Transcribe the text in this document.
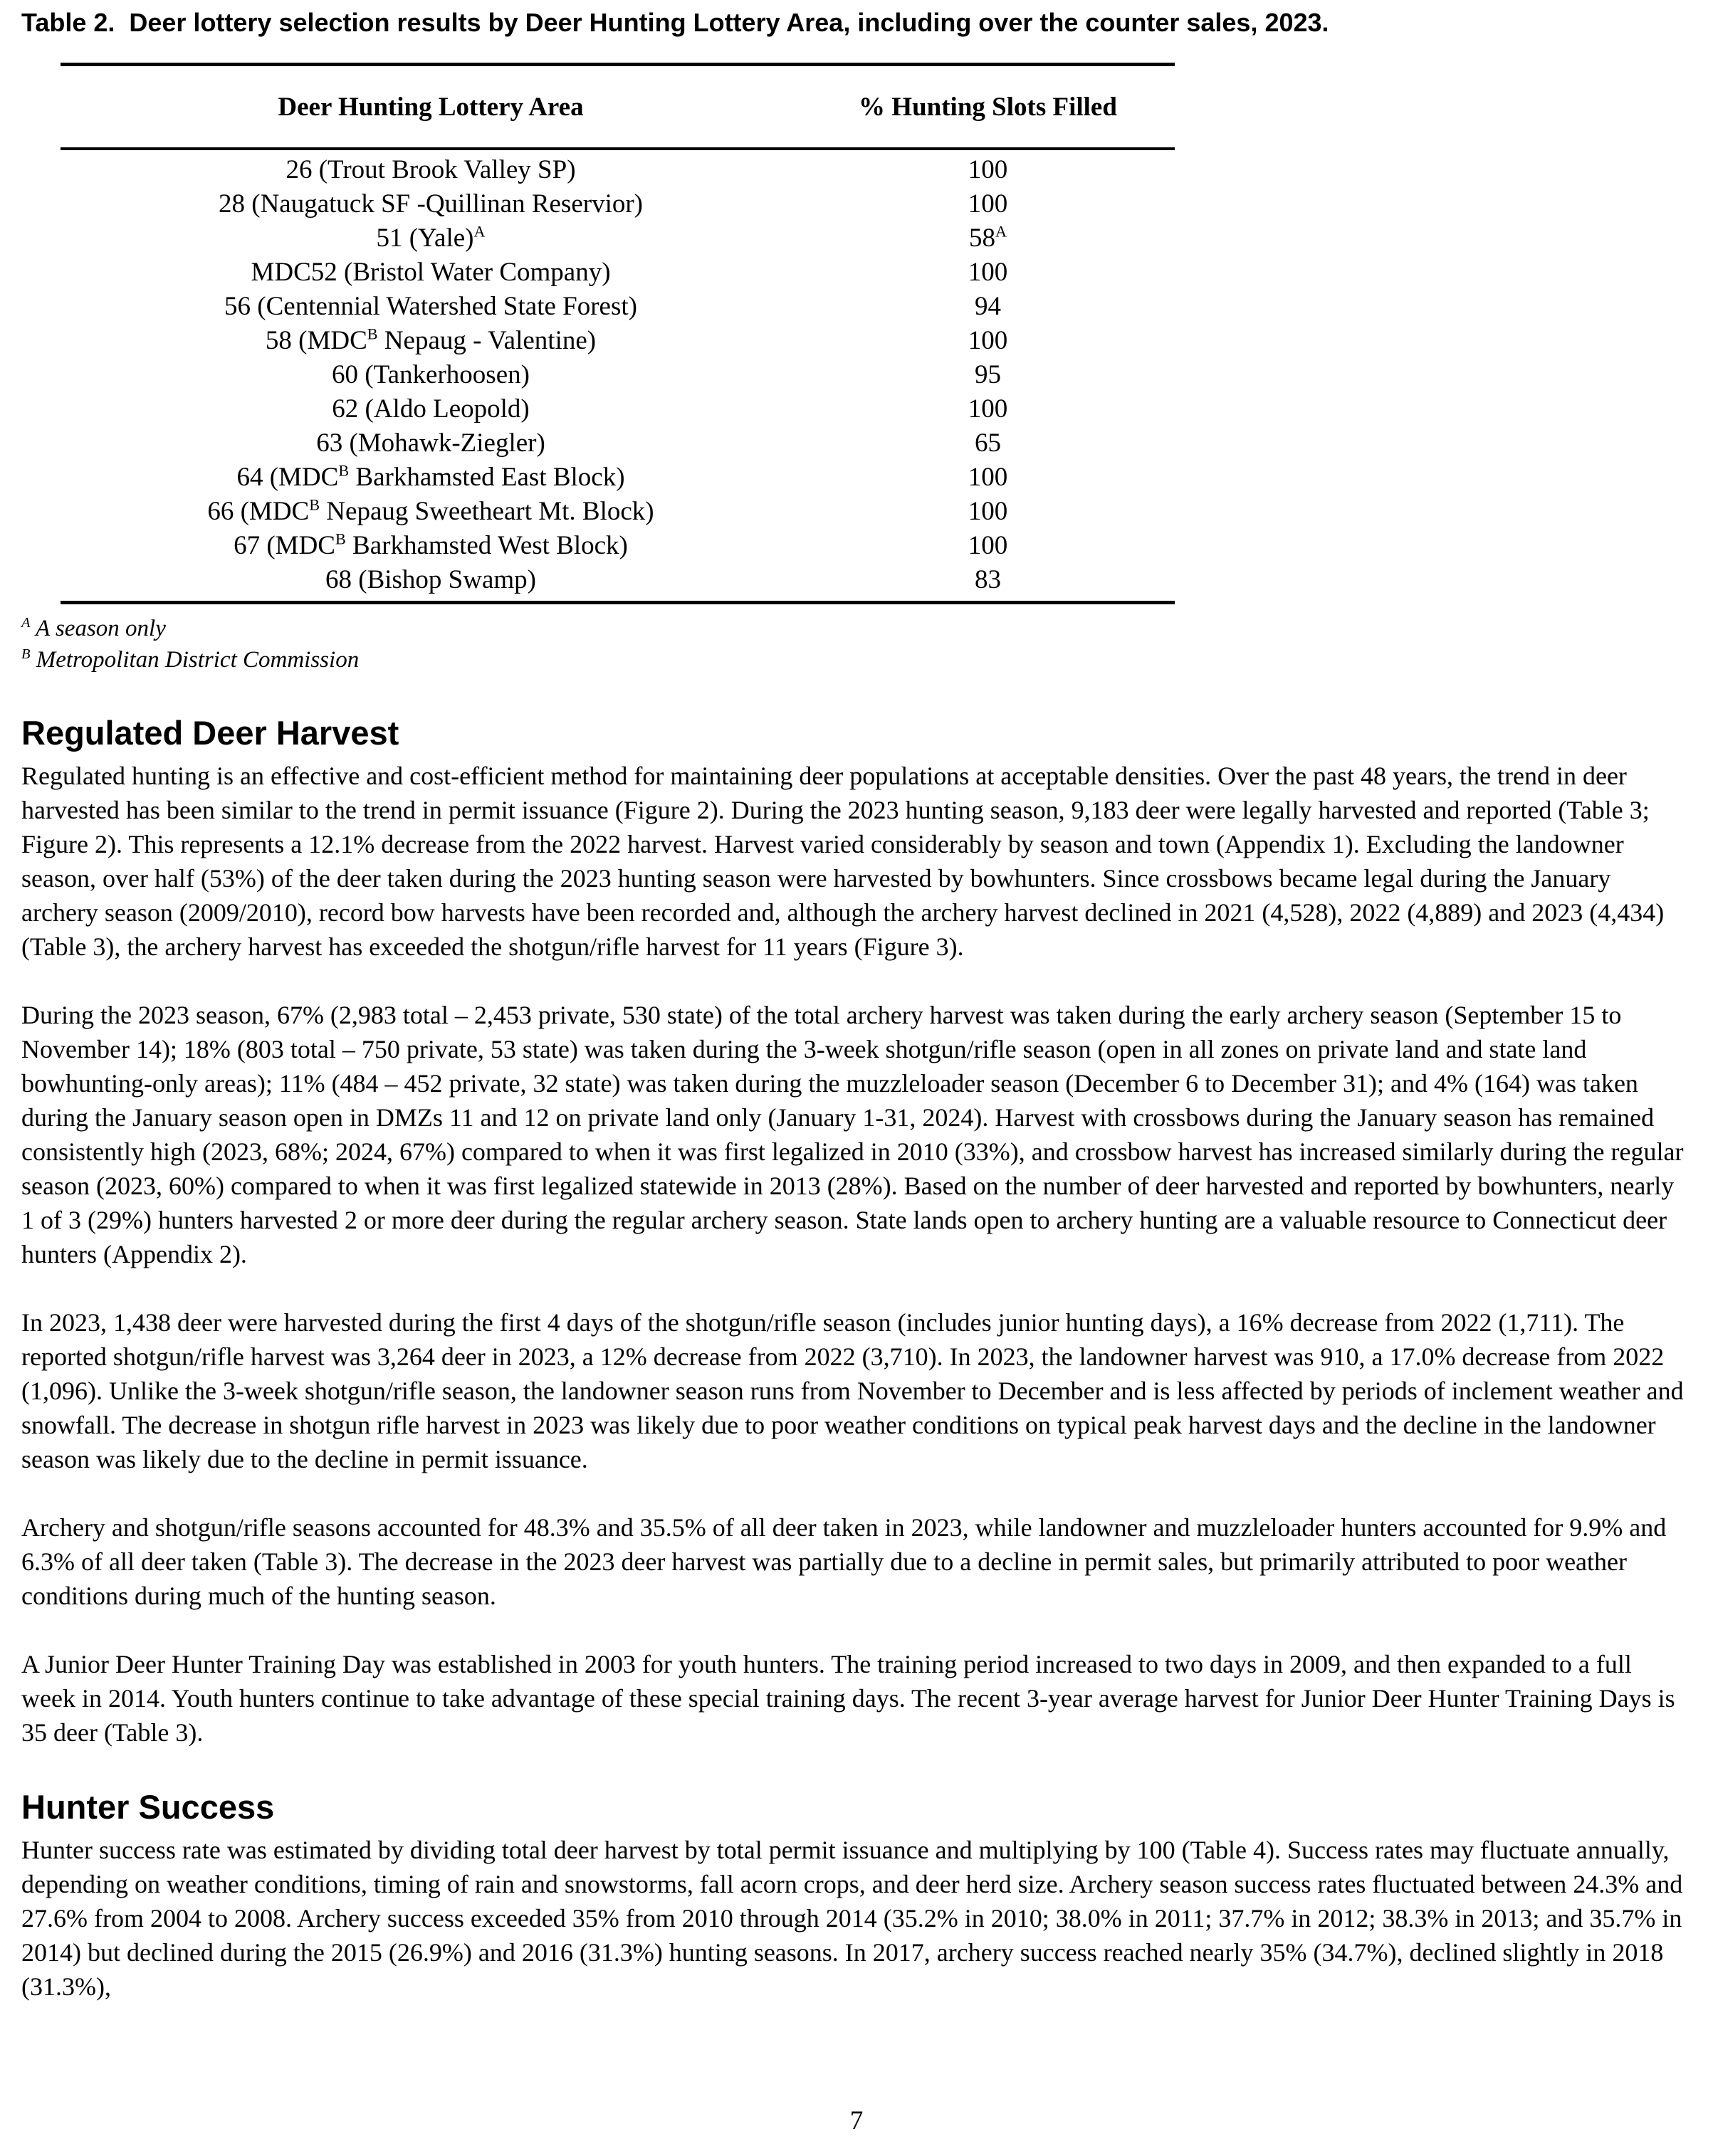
Table 2.  Deer lottery selection results by Deer Hunting Lottery Area, including over the counter sales, 2023.
Deer Hunting Lottery Area	% Hunting Slots Filled
26 (Trout Brook Valley SP)	100
28 (Naugatuck SF -Quillinan Reservior)	100
51 (Yale)$^A$	$58^A$
MDC52 (Bristol Water Company)	100
56 (Centennial Watershed State Forest)	94
58 ($MDC^B$ Nepaug - Valentine)	100
60 (Tankerhoosen)	95
62 (Aldo Leopold)	100
63 (Mohawk-Ziegler)	65
64 ($MDC^B$ Barkhamsted East Block)	100
66 ($MDC^B$ Nepaug Sweetheart Mt. Block)	100
67 ($MDC^B$ Barkhamsted West Block)	100
68 (Bishop Swamp)	83
$^A$ A season only
$^B$ Metropolitan District Commission
Regulated Deer Harvest

Regulated hunting is an effective and cost-efficient method for maintaining deer populations at acceptable densities. Over the past 48 years, the trend in deer harvested has been similar to the trend in permit issuance (Figure 2). During the 2023 hunting season, 9,183 deer were legally harvested and reported (Table 3; Figure 2). This represents a 12.1% decrease from the 2022 harvest. Harvest varied considerably by season and town (Appendix 1). Excluding the landowner season, over half (53%) of the deer taken during the 2023 hunting season were harvested by bowhunters. Since crossbows became legal during the January archery season (2009/2010), record bow harvests have been recorded and, although the archery harvest declined in 2021 (4,528), 2022 (4,889) and 2023 (4,434) (Table 3), the archery harvest has exceeded the shotgun/rifle harvest for 11 years (Figure 3).

During the 2023 season, 67% (2,983 total – 2,453 private, 530 state) of the total archery harvest was taken during the early archery season (September 15 to November 14); 18% (803 total – 750 private, 53 state) was taken during the 3-week shotgun/rifle season (open in all zones on private land and state land bowhunting-only areas); 11% (484 – 452 private, 32 state) was taken during the muzzleloader season (December 6 to December 31); and 4% (164) was taken during the January season open in DMZs 11 and 12 on private land only (January 1-31, 2024). Harvest with crossbows during the January season has remained consistently high (2023, 68%; 2024, 67%) compared to when it was first legalized in 2010 (33%), and crossbow harvest has increased similarly during the regular season (2023, 60%) compared to when it was first legalized statewide in 2013 (28%). Based on the number of deer harvested and reported by bowhunters, nearly 1 of 3 (29%) hunters harvested 2 or more deer during the regular archery season. State lands open to archery hunting are a valuable resource to Connecticut deer hunters (Appendix 2).

In 2023, 1,438 deer were harvested during the first 4 days of the shotgun/rifle season (includes junior hunting days), a 16% decrease from 2022 (1,711). The reported shotgun/rifle harvest was 3,264 deer in 2023, a 12% decrease from 2022 (3,710). In 2023, the landowner harvest was 910, a 17.0% decrease from 2022 (1,096). Unlike the 3-week shotgun/rifle season, the landowner season runs from November to December and is less affected by periods of inclement weather and snowfall. The decrease in shotgun rifle harvest in 2023 was likely due to poor weather conditions on typical peak harvest days and the decline in the landowner season was likely due to the decline in permit issuance.

Archery and shotgun/rifle seasons accounted for 48.3% and 35.5% of all deer taken in 2023, while landowner and muzzleloader hunters accounted for 9.9% and 6.3% of all deer taken (Table 3). The decrease in the 2023 deer harvest was partially due to a decline in permit sales, but primarily attributed to poor weather conditions during much of the hunting season.

A Junior Deer Hunter Training Day was established in 2003 for youth hunters. The training period increased to two days in 2009, and then expanded to a full week in 2014. Youth hunters continue to take advantage of these special training days. The recent 3-year average harvest for Junior Deer Hunter Training Days is 35 deer (Table 3).

Hunter Success

Hunter success rate was estimated by dividing total deer harvest by total permit issuance and multiplying by 100 (Table 4). Success rates may fluctuate annually, depending on weather conditions, timing of rain and snowstorms, fall acorn crops, and deer herd size. Archery season success rates fluctuated between 24.3% and 27.6% from 2004 to 2008. Archery success exceeded 35% from 2010 through 2014 (35.2% in 2010; 38.0% in 2011; 37.7% in 2012; 38.3% in 2013; and 35.7% in 2014) but declined during the 2015 (26.9%) and 2016 (31.3%) hunting seasons. In 2017, archery success reached nearly 35% (34.7%), declined slightly in 2018 (31.3%),

7
